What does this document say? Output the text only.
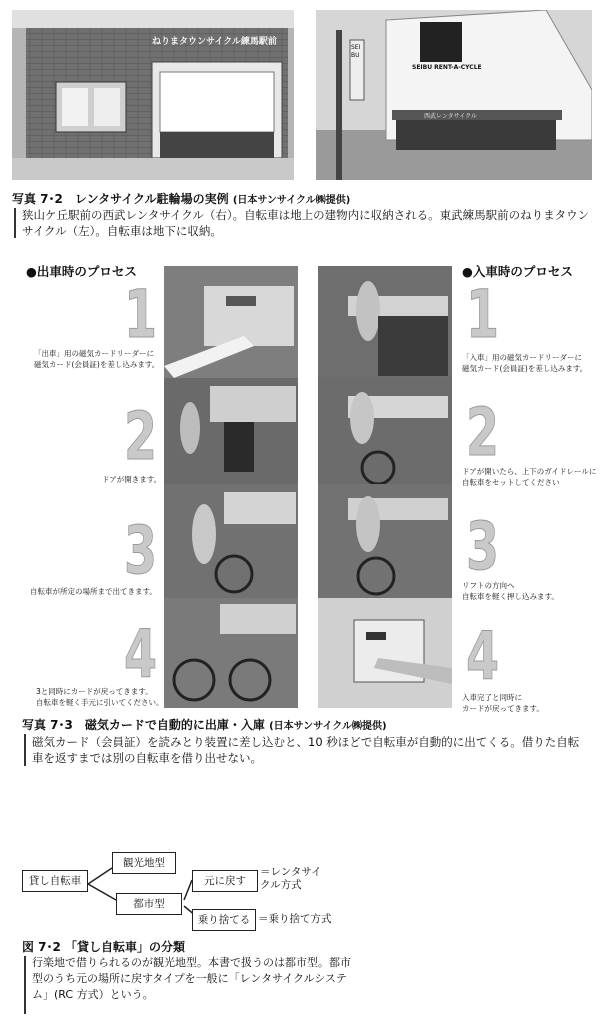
ねりまタウンサイクル練馬駅前
SEIBU RENT-A-CYCLE
西武レンタサイクル
SEIBU
写真 7･2　レンタサイクル駐輪場の実例 (日本サンサイクル㈱提供)
狭山ケ丘駅前の西武レンタサイクル（右）。自転車は地上の建物内に収納される。東武練馬駅前のねりまタウンサイクル（左）。自転車は地下に収納。
●出車時のプロセス	●入車時のプロセス
1
「出車」用の磁気カードリーダーに
磁気カード(会員証)を差し込みます。
2
ドアが開きます。
3
自転車が所定の場所まで出てきます。
4
3と同時にカードが戻ってきます。
自転車を軽く手元に引いてください。
1
「入車」用の磁気カードリーダーに
磁気カード(会員証)を差し込みます。
2
ドアが開いたら、上下のガイドレールに
自転車をセットしてください
3
リフトの方向へ
自転車を軽く押し込みます。
4
入車完了と同時に
カードが戻ってきます。
写真 7･3　磁気カードで自動的に出庫・入庫 (日本サンサイクル㈱提供)
磁気カード（会員証）を読みとり装置に差し込むと、10 秒ほどで自転車が自動的に出てくる。借りた自転車を返すまでは別の自転車を借り出せない。
貸し自転車
観光地型
都市型
元に戻す
乗り捨てる
＝レンタサイ
クル方式
＝乗り捨て方式
図 7･2 「貸し自転車」の分類
行楽地で借りられるのが観光地型。本書で扱うのは都市型。都市型のうち元の場所に戻すタイプを一般に「レンタサイクルシステム」(RC 方式）という。
